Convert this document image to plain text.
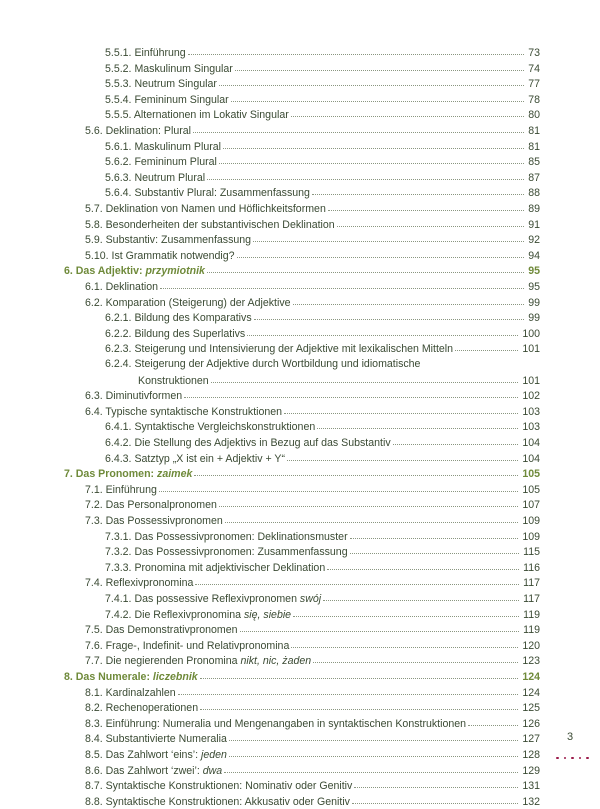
5.5.1. Einführung	73
5.5.2. Maskulinum Singular	74
5.5.3. Neutrum Singular	77
5.5.4. Femininum Singular	78
5.5.5. Alternationen im Lokativ Singular	80
5.6. Deklination: Plural	81
5.6.1. Maskulinum Plural	81
5.6.2. Femininum Plural	85
5.6.3. Neutrum Plural	87
5.6.4. Substantiv Plural: Zusammenfassung	88
5.7. Deklination von Namen und Höflichkeitsformen	89
5.8. Besonderheiten der substantivischen Deklination	91
5.9. Substantiv: Zusammenfassung	92
5.10. Ist Grammatik notwendig?	94
6. Das Adjektiv: przymiotnik	95
6.1. Deklination	95
6.2. Komparation (Steigerung) der Adjektive	99
6.2.1. Bildung des Komparativs	99
6.2.2. Bildung des Superlativs	100
6.2.3. Steigerung und Intensivierung der Adjektive mit lexikalischen Mitteln	101
6.2.4. Steigerung der Adjektive durch Wortbildung und idiomatische
Konstruktionen	101
6.3. Diminutivformen	102
6.4. Typische syntaktische Konstruktionen	103
6.4.1. Syntaktische Vergleichskonstruktionen	103
6.4.2. Die Stellung des Adjektivs in Bezug auf das Substantiv	104
6.4.3. Satztyp „X ist ein + Adjektiv + Y“	104
7. Das Pronomen: zaimek	105
7.1. Einführung	105
7.2. Das Personalpronomen	107
7.3. Das Possessivpronomen	109
7.3.1. Das Possessivpronomen: Deklinationsmuster	109
7.3.2. Das Possessivpronomen: Zusammenfassung	115
7.3.3. Pronomina mit adjektivischer Deklination	116
7.4. Reflexivpronomina	117
7.4.1. Das possessive Reflexivpronomen swój	117
7.4.2. Die Reflexivpronomina się, siebie	119
7.5. Das Demonstrativpronomen	119
7.6. Frage-, Indefinit- und Relativpronomina	120
7.7. Die negierenden Pronomina nikt, nic, żaden	123
8. Das Numerale: liczebnik	124
8.1. Kardinalzahlen	124
8.2. Rechenoperationen	125
8.3. Einführung: Numeralia und Mengenangaben in syntaktischen Konstruktionen	126
8.4. Substantivierte Numeralia	127
8.5. Das Zahlwort ‘eins’: jeden	128
8.6. Das Zahlwort ‘zwei’: dwa	129
8.7. Syntaktische Konstruktionen: Nominativ oder Genitiv	131
8.8. Syntaktische Konstruktionen: Akkusativ oder Genitiv	132
3
